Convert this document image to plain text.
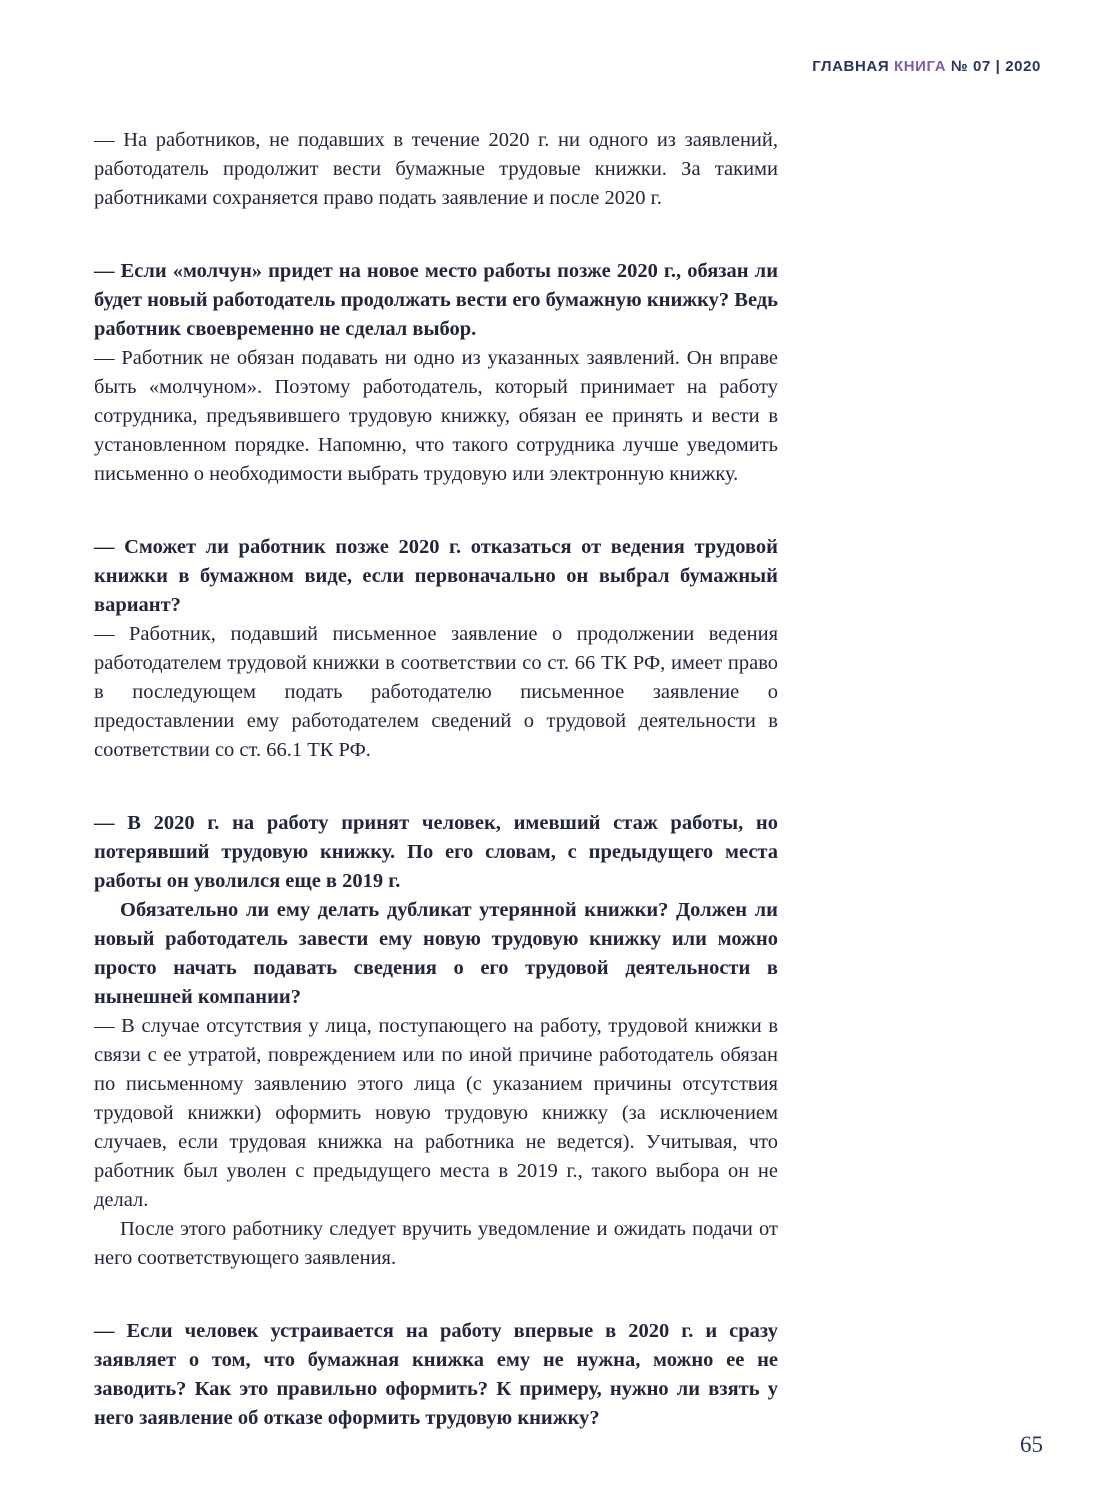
ГЛАВНАЯ КНИГА № 07 | 2020

— На работников, не подавших в течение 2020 г. ни одного из заявлений, работодатель продолжит вести бумажные трудовые книжки. За такими работниками сохраняется право подать заявление и после 2020 г.

— Если «молчун» придет на новое место работы позже 2020 г., обязан ли будет новый работодатель продолжать вести его бумажную книжку? Ведь работник своевременно не сделал выбор.

— Работник не обязан подавать ни одно из указанных заявлений. Он вправе быть «молчуном». Поэтому работодатель, который принимает на работу сотрудника, предъявившего трудовую книжку, обязан ее принять и вести в установленном порядке. Напомню, что такого сотрудника лучше уведомить письменно о необходимости выбрать трудовую или электронную книжку.

— Сможет ли работник позже 2020 г. отказаться от ведения трудовой книжки в бумажном виде, если первоначально он выбрал бумажный вариант?

— Работник, подавший письменное заявление о продолжении ведения работодателем трудовой книжки в соответствии со ст. 66 ТК РФ, имеет право в последующем подать работодателю письменное заявление о предоставлении ему работодателем сведений о трудовой деятельности в соответствии со ст. 66.1 ТК РФ.

— В 2020 г. на работу принят человек, имевший стаж работы, но потерявший трудовую книжку. По его словам, с предыдущего места работы он уволился еще в 2019 г.

Обязательно ли ему делать дубликат утерянной книжки? Должен ли новый работодатель завести ему новую трудовую книжку или можно просто начать подавать сведения о его трудовой деятельности в нынешней компании?

— В случае отсутствия у лица, поступающего на работу, трудовой книжки в связи с ее утратой, повреждением или по иной причине работодатель обязан по письменному заявлению этого лица (с указанием причины отсутствия трудовой книжки) оформить новую трудовую книжку (за исключением случаев, если трудовая книжка на работника не ведется). Учитывая, что работник был уволен с предыдущего места в 2019 г., такого выбора он не делал.

После этого работнику следует вручить уведомление и ожидать подачи от него соответствующего заявления.

— Если человек устраивается на работу впервые в 2020 г. и сразу заявляет о том, что бумажная книжка ему не нужна, можно ее не заводить? Как это правильно оформить? К примеру, нужно ли взять у него заявление об отказе оформить трудовую книжку?

65
